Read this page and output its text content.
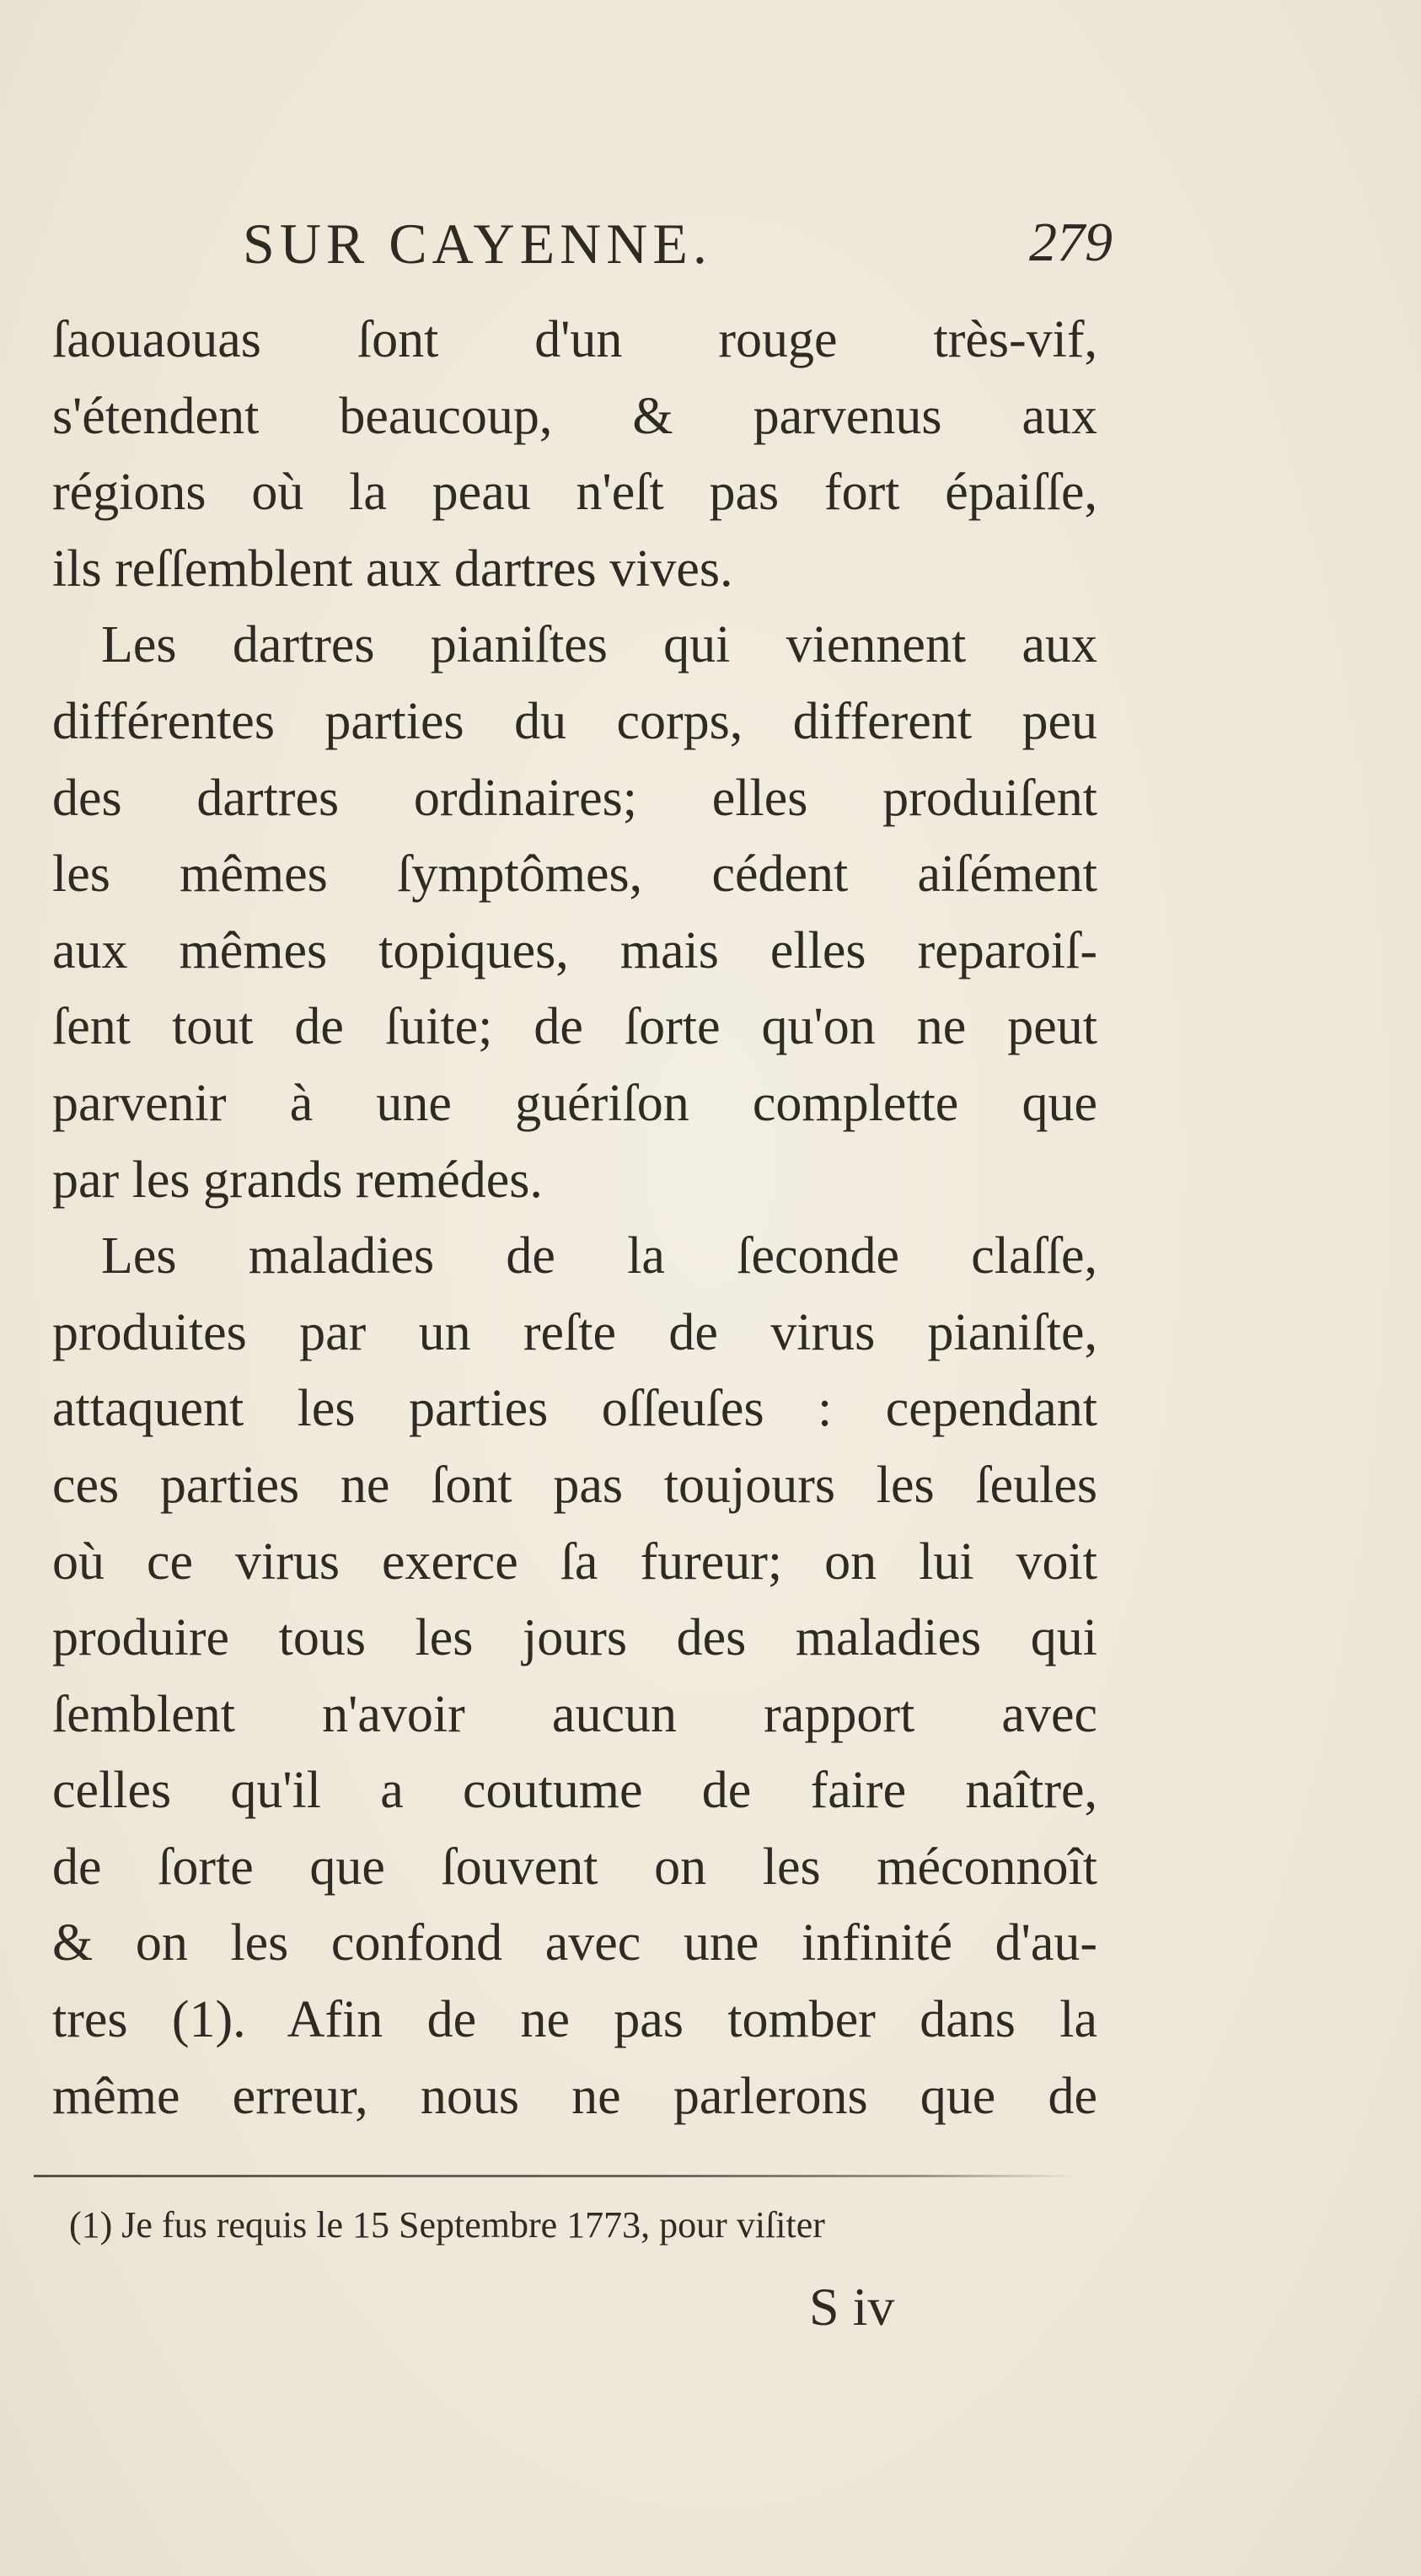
SUR CAYENNE.	279
ſaouaouas ſont d'un rouge très-vif,
s'étendent beaucoup, & parvenus aux
régions où la peau n'eſt pas fort épaiſſe,
ils reſſemblent aux dartres vives.
Les dartres pianiſtes qui viennent aux
différentes parties du corps, different peu
des dartres ordinaires; elles produiſent
les mêmes ſymptômes, cédent aiſément
aux mêmes topiques, mais elles reparoiſ-
ſent tout de ſuite; de ſorte qu'on ne peut
parvenir à une guériſon complette que
par les grands remédes.
Les maladies de la ſeconde claſſe,
produites par un reſte de virus pianiſte,
attaquent les parties oſſeuſes : cependant
ces parties ne ſont pas toujours les ſeules
où ce virus exerce ſa fureur; on lui voit
produire tous les jours des maladies qui
ſemblent n'avoir aucun rapport avec
celles qu'il a coutume de faire naître,
de ſorte que ſouvent on les méconnoît
& on les confond avec une infinité d'au-
tres (1). Afin de ne pas tomber dans la
même erreur, nous ne parlerons que de
(1) Je fus requis le 15 Septembre 1773, pour viſiter
S iv
